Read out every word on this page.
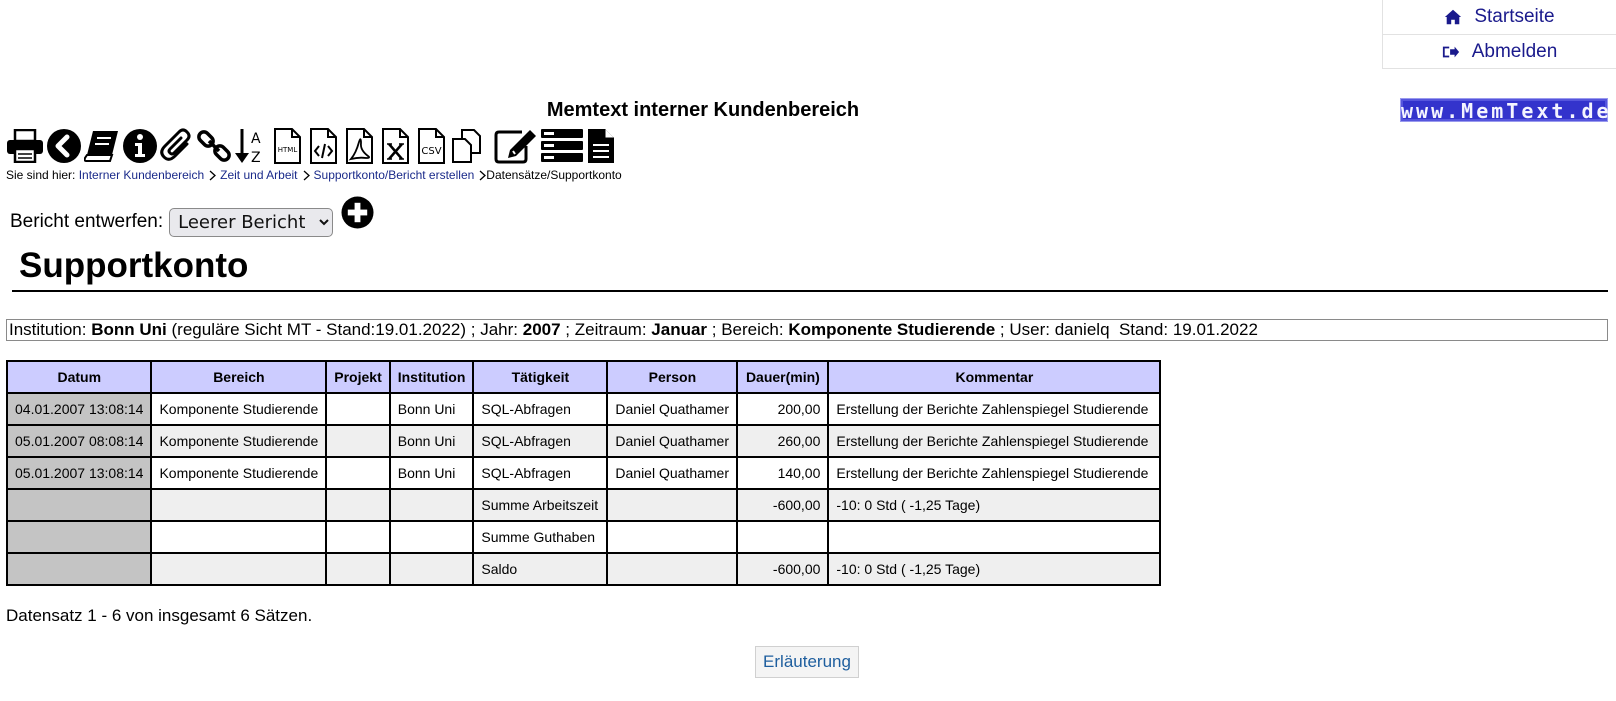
Startseite
Abmelden
Memtext interner Kundenbereich	www.MemText.de
A
Z HTML	CSV
Sie sind hier:
Interner Kundenbereich Zeit und Arbeit Supportkonto/Bericht erstellen Datensätze/Supportkonto
Bericht entwerfen:
Leerer Bericht
Supportkonto
Institution: Bonn Uni (reguläre Sicht MT - Stand:19.01.2022) ; Jahr: 2007 ; Zeitraum: Januar ; Bereich: Komponente Studierende ; User: danielq  Stand: 19.01.2022
Datum	Bereich	Projekt	Institution	Tätigkeit	Person	Dauer(min)	Kommentar
04.01.2007 13:08:14	Komponente Studierende		Bonn Uni	SQL-Abfragen	Daniel Quathamer	200,00	Erstellung der Berichte Zahlenspiegel Studierende
05.01.2007 08:08:14	Komponente Studierende		Bonn Uni	SQL-Abfragen	Daniel Quathamer	260,00	Erstellung der Berichte Zahlenspiegel Studierende
05.01.2007 13:08:14	Komponente Studierende		Bonn Uni	SQL-Abfragen	Daniel Quathamer	140,00	Erstellung der Berichte Zahlenspiegel Studierende
				Summe Arbeitszeit		-600,00	-10: 0 Std ( -1,25 Tage)
				Summe Guthaben			
				Saldo		-600,00	-10: 0 Std ( -1,25 Tage)
Datensatz 1 - 6 von insgesamt 6 Sätzen.
Erläuterung
